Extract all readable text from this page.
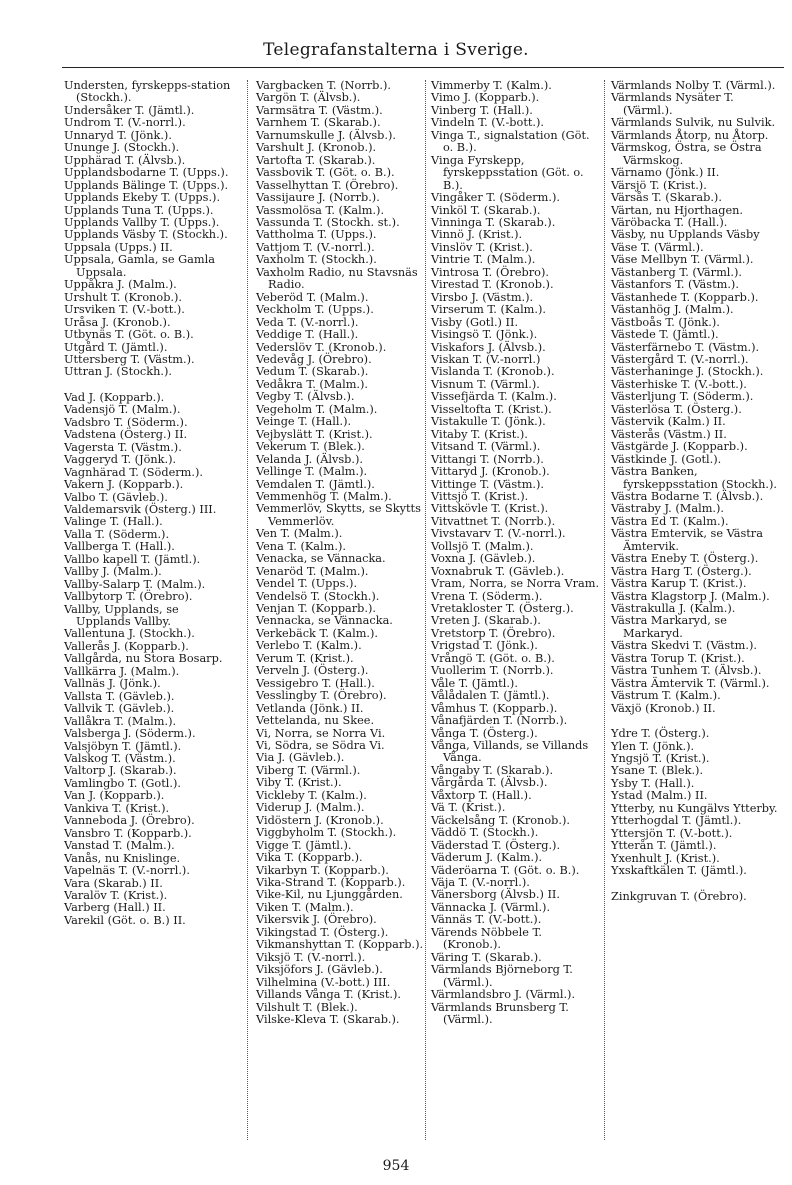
Telegrafanstalterna i Sverige.
Understen, fyrskepps-station (Stockh.).
Undersåker T. (Jämtl.).
Undrom T. (V.-norrl.).
Unnaryd T. (Jönk.).
Ununge J. (Stockh.).
Upphärad T. (Älvsb.).
Upplandsbodarne T. (Upps.).
Upplands Bälinge T. (Upps.).
Upplands Ekeby T. (Upps.).
Upplands Tuna T. (Upps.).
Upplands Vallby T. (Upps.).
Upplands Väsby T. (Stockh.).
Uppsala (Upps.) II.
Uppsala, Gamla, se Gamla Uppsala.
Uppåkra J. (Malm.).
Urshult T. (Kronob.).
Ursviken T. (V.-bott.).
Uråsa J. (Kronob.).
Utbynäs T. (Göt. o. B.).
Utgård T. (Jämtl.).
Uttersberg T. (Västm.).
Uttran J. (Stockh.).
Vad J. (Kopparb.).
Vadensjö T. (Malm.).
Vadsbro T. (Söderm.).
Vadstena (Österg.) II.
Vagersta T. (Västm.).
Vaggeryd T. (Jönk.).
Vagnhärad T. (Söderm.).
Vakern J. (Kopparb.).
Valbo T. (Gävleb.).
Valdemarsvik (Österg.) III.
Valinge T. (Hall.).
Valla T. (Söderm.).
Vallberga T. (Hall.).
Vallbo kapell T. (Jämtl.).
Vallby J. (Malm.).
Vallby-Salarp T. (Malm.).
Vallbytorp T. (Örebro).
Vallby, Upplands, se Upplands Vallby.
Vallentuna J. (Stockh.).
Vallerås J. (Kopparb.).
Vallgårda, nu Stora Bosarp.
Vallkärra J. (Malm.).
Vallnäs J. (Jönk.).
Vallsta T. (Gävleb.).
Vallvik T. (Gävleb.).
Vallåkra T. (Malm.).
Valsberga J. (Söderm.).
Valsjöbyn T. (Jämtl.).
Valskog T. (Västm.).
Valtorp J. (Skarab.).
Vamlingbo T. (Gotl.).
Van J. (Kopparb.).
Vankiva T. (Krist.).
Vanneboda J. (Örebro).
Vansbro T. (Kopparb.).
Vanstad T. (Malm.).
Vanås, nu Knislinge.
Vapelnäs T. (V.-norrl.).
Vara (Skarab.) II.
Varalöv T. (Krist.).
Varberg (Hall.) II.
Varekil (Göt. o. B.) II.
Vargbacken T. (Norrb.).
Vargön T. (Älvsb.).
Varmsätra T. (Västm.).
Varnhem T. (Skarab.).
Varnumskulle J. (Älvsb.).
Varshult J. (Kronob.).
Vartofta T. (Skarab.).
Vassbovik T. (Göt. o. B.).
Vasselhyttan T. (Örebro).
Vassijaure J. (Norrb.).
Vassmolösa T. (Kalm.).
Vassunda T. (Stockh. st.).
Vattholma T. (Upps.).
Vattjom T. (V.-norrl.).
Vaxholm T. (Stockh.).
Vaxholm Radio, nu Stavsnäs Radio.
Veberöd T. (Malm.).
Veckholm T. (Upps.).
Veda T. (V.-norrl.).
Veddige T. (Hall.).
Vederslöv T. (Kronob.).
Vedevåg J. (Örebro).
Vedum T. (Skarab.).
Vedåkra T. (Malm.).
Vegby T. (Älvsb.).
Vegeholm T. (Malm.).
Veinge T. (Hall.).
Vejbyslätt T. (Krist.).
Vekerum T. (Blek.).
Velanda J. (Älvsb.).
Vellinge T. (Malm.).
Vemdalen T. (Jämtl.).
Vemmenhög T. (Malm.).
Vemmerlöv, Skytts, se Skytts Vemmerlöv.
Ven T. (Malm.).
Vena T. (Kalm.).
Venacka, se Vännacka.
Venaröd T. (Malm.).
Vendel T. (Upps.).
Vendelsö T. (Stockh.).
Venjan T. (Kopparb.).
Vennacka, se Vännacka.
Verkebäck T. (Kalm.).
Verlebo T. (Kalm.).
Verum T. (Krist.).
Verveln J. (Österg.).
Vessigebro T. (Hall.).
Vesslingby T. (Örebro).
Vetlanda (Jönk.) II.
Vettelanda, nu Skee.
Vi, Norra, se Norra Vi.
Vi, Södra, se Södra Vi.
Via J. (Gävleb.).
Viberg T. (Värml.).
Viby T. (Krist.).
Vickleby T. (Kalm.).
Viderup J. (Malm.).
Vidöstern J. (Kronob.).
Viggbyholm T. (Stockh.).
Vigge T. (Jämtl.).
Vika T. (Kopparb.).
Vikarbyn T. (Kopparb.).
Vika-Strand T. (Kopparb.).
Vike-Kil, nu Ljunggården.
Viken T. (Malm.).
Vikersvik J. (Örebro).
Vikingstad T. (Österg.).
Vikmanshyttan T. (Kopparb.).
Viksjö T. (V.-norrl.).
Viksjöfors J. (Gävleb.).
Vilhelmina (V.-bott.) III.
Villands Vånga T. (Krist.).
Vilshult T. (Blek.).
Vilske-Kleva T. (Skarab.).
Vimmerby T. (Kalm.).
Vimo J. (Kopparb.).
Vinberg T. (Hall.).
Vindeln T. (V.-bott.).
Vinga T., signalstation (Göt. o. B.).
Vinga Fyrskepp, fyrskeppsstation (Göt. o. B.).
Vingåker T. (Söderm.).
Vinköl T. (Skarab.).
Vinninga T. (Skarab.).
Vinnö J. (Krist.).
Vinslöv T. (Krist.).
Vintrie T. (Malm.).
Vintrosa T. (Örebro).
Virestad T. (Kronob.).
Virsbo J. (Västm.).
Virserum T. (Kalm.).
Visby (Gotl.) II.
Visingsö T. (Jönk.).
Viskafors J. (Älvsb.).
Viskan T. (V.-norrl.)
Vislanda T. (Kronob.).
Visnum T. (Värml.).
Vissefjärda T. (Kalm.).
Visseltofta T. (Krist.).
Vistakulle T. (Jönk.).
Vitaby T. (Krist.).
Vitsand T. (Värml.).
Vittangi T. (Norrb.).
Vittaryd J. (Kronob.).
Vittinge T. (Västm.).
Vittsjö T. (Krist.).
Vittskövle T. (Krist.).
Vitvattnet T. (Norrb.).
Vivstavarv T. (V.-norrl.).
Vollsjö T. (Malm.).
Voxna J. (Gävleb.).
Voxnabruk T. (Gävleb.).
Vram, Norra, se Norra Vram.
Vrena T. (Söderm.).
Vretakloster T. (Österg.).
Vreten J. (Skarab.).
Vretstorp T. (Örebro).
Vrigstad T. (Jönk.).
Vrångö T. (Göt. o. B.).
Vuollerim T. (Norrb.).
Våle T. (Jämtl.).
Vålådalen T. (Jämtl.).
Våmhus T. (Kopparb.).
Vånafjärden T. (Norrb.).
Vånga T. (Österg.).
Vånga, Villands, se Villands Vånga.
Vångaby T. (Skarab.).
Vårgårda T. (Älvsb.).
Våxtorp T. (Hall.).
Vä T. (Krist.).
Väckelsång T. (Kronob.).
Väddö T. (Stockh.).
Väderstad T. (Österg.).
Väderum J. (Kalm.).
Väderöarna T. (Göt. o. B.).
Väja T. (V.-norrl.).
Vänersborg (Älvsb.) II.
Vännacka J. (Värml.).
Vännäs T. (V.-bott.).
Värends Nöbbele T. (Kronob.).
Väring T. (Skarab.).
Värmlands Björneborg T. (Värml.).
Värmlandsbro J. (Värml.).
Värmlands Brunsberg T. (Värml.).
Värmlands Nolby T. (Värml.).
Värmlands Nysäter T. (Värml.).
Värmlands Sulvik, nu Sulvik.
Värmlands Åtorp, nu Åtorp.
Värmskog, Östra, se Östra Värmskog.
Värnamo (Jönk.) II.
Värsjö T. (Krist.).
Värsås T. (Skarab.).
Värtan, nu Hjorthagen.
Väröbacka T. (Hall.).
Väsby, nu Upplands Väsby
Väse T. (Värml.).
Väse Mellbyn T. (Värml.).
Västanberg T. (Värml.).
Västanfors T. (Västm.).
Västanhede T. (Kopparb.).
Västanhög J. (Malm.).
Västboås T. (Jönk.).
Västede T. (Jämtl.).
Västerfärnebo T. (Västm.).
Västergård T. (V.-norrl.).
Västerhaninge J. (Stockh.).
Västerhiske T. (V.-bott.).
Västerljung T. (Söderm.).
Västerlösa T. (Österg.).
Västervik (Kalm.) II.
Västerås (Västm.) II.
Västgärde J. (Kopparb.).
Västkinde J. (Gotl.).
Västra Banken, fyrskeppsstation (Stockh.).
Västra Bodarne T. (Älvsb.).
Västraby J. (Malm.).
Västra Ed T. (Kalm.).
Västra Emtervik, se Västra Ämtervik.
Västra Eneby T. (Österg.).
Västra Harg T. (Österg.).
Västra Karup T. (Krist.).
Västra Klagstorp J. (Malm.).
Västrakulla J. (Kalm.).
Västra Markaryd, se Markaryd.
Västra Skedvi T. (Västm.).
Västra Torup T. (Krist.).
Västra Tunhem T. (Älvsb.).
Västra Ämtervik T. (Värml.).
Västrum T. (Kalm.).
Växjö (Kronob.) II.
Ydre T. (Österg.).
Ylen T. (Jönk.).
Yngsjö T. (Krist.).
Ysane T. (Blek.).
Ysby T. (Hall.).
Ystad (Malm.) II.
Ytterby, nu Kungälvs Ytterby.
Ytterhogdal T. (Jämtl.).
Yttersjön T. (V.-bott.).
Ytterån T. (Jämtl.).
Yxenhult J. (Krist.).
Yxskaftkälen T. (Jämtl.).
Zinkgruvan T. (Örebro).
954
